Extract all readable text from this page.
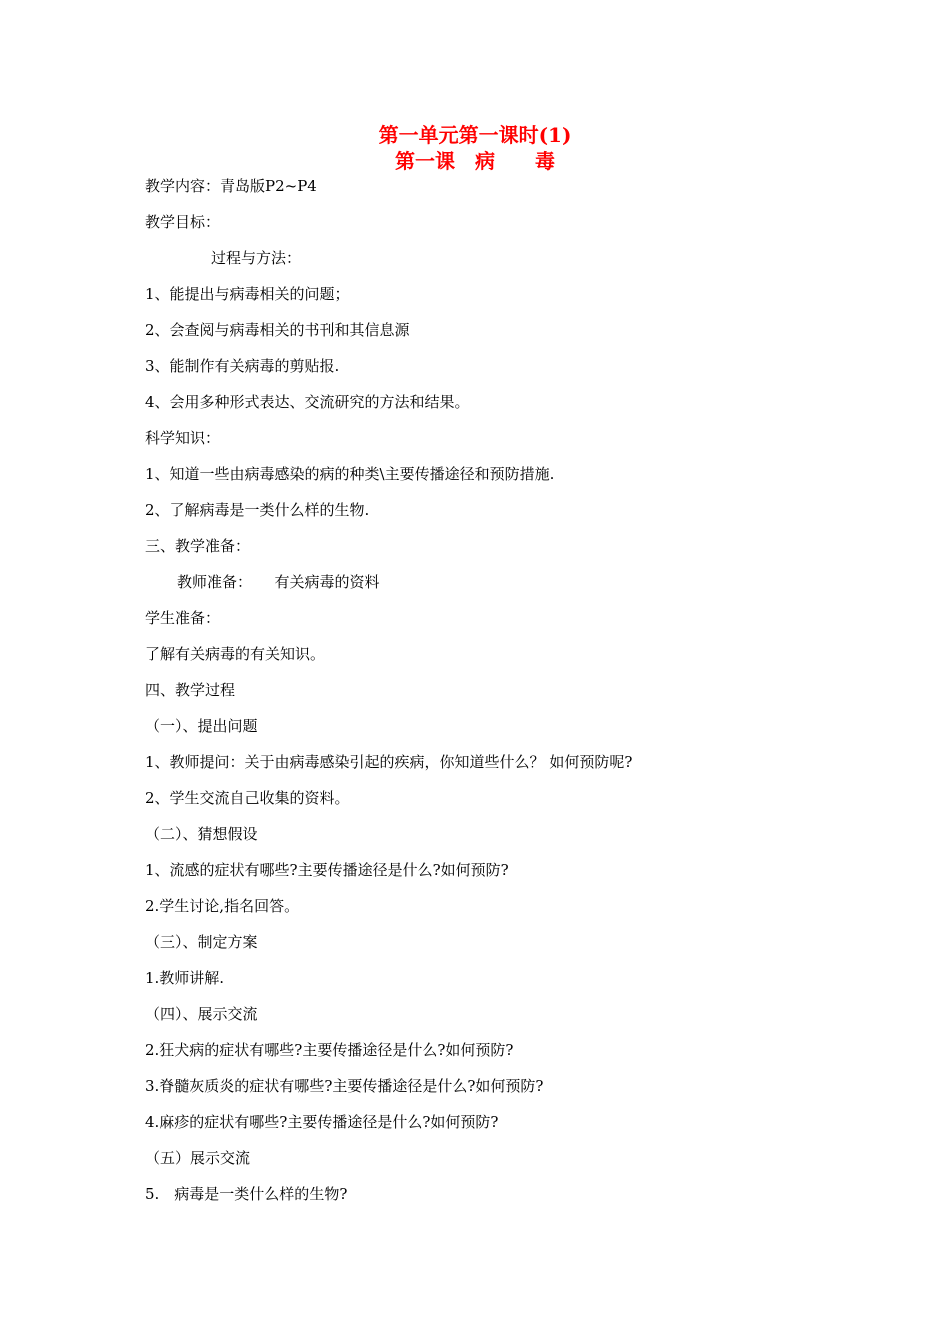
第一单元第一课时(1)
第一课　病　　毒
教学内容：青岛版P2~P4
教学目标：
过程与方法：
1、能提出与病毒相关的问题；
2、会查阅与病毒相关的书刊和其信息源
3、能制作有关病毒的剪贴报.
4、会用多种形式表达、交流研究的方法和结果。
科学知识：
1、知道一些由病毒感染的病的种类\主要传播途径和预防措施.
2、了解病毒是一类什么样的生物.
三、教学准备：
教师准备：　　有关病毒的资料
学生准备：
了解有关病毒的有关知识。
四、教学过程
（一）、提出问题
1、教师提问：关于由病毒感染引起的疾病，你知道些什么？ 如何预防呢?
2、学生交流自己收集的资料。
（二）、猜想假设
1、流感的症状有哪些?主要传播途径是什么?如何预防?
2.学生讨论,指名回答。
（三）、制定方案
1.教师讲解.
（四）、展示交流
2.狂犬病的症状有哪些?主要传播途径是什么?如何预防?
3.脊髓灰质炎的症状有哪些?主要传播途径是什么?如何预防?
4.麻疹的症状有哪些?主要传播途径是什么?如何预防?
（五）展示交流
5.　病毒是一类什么样的生物?
